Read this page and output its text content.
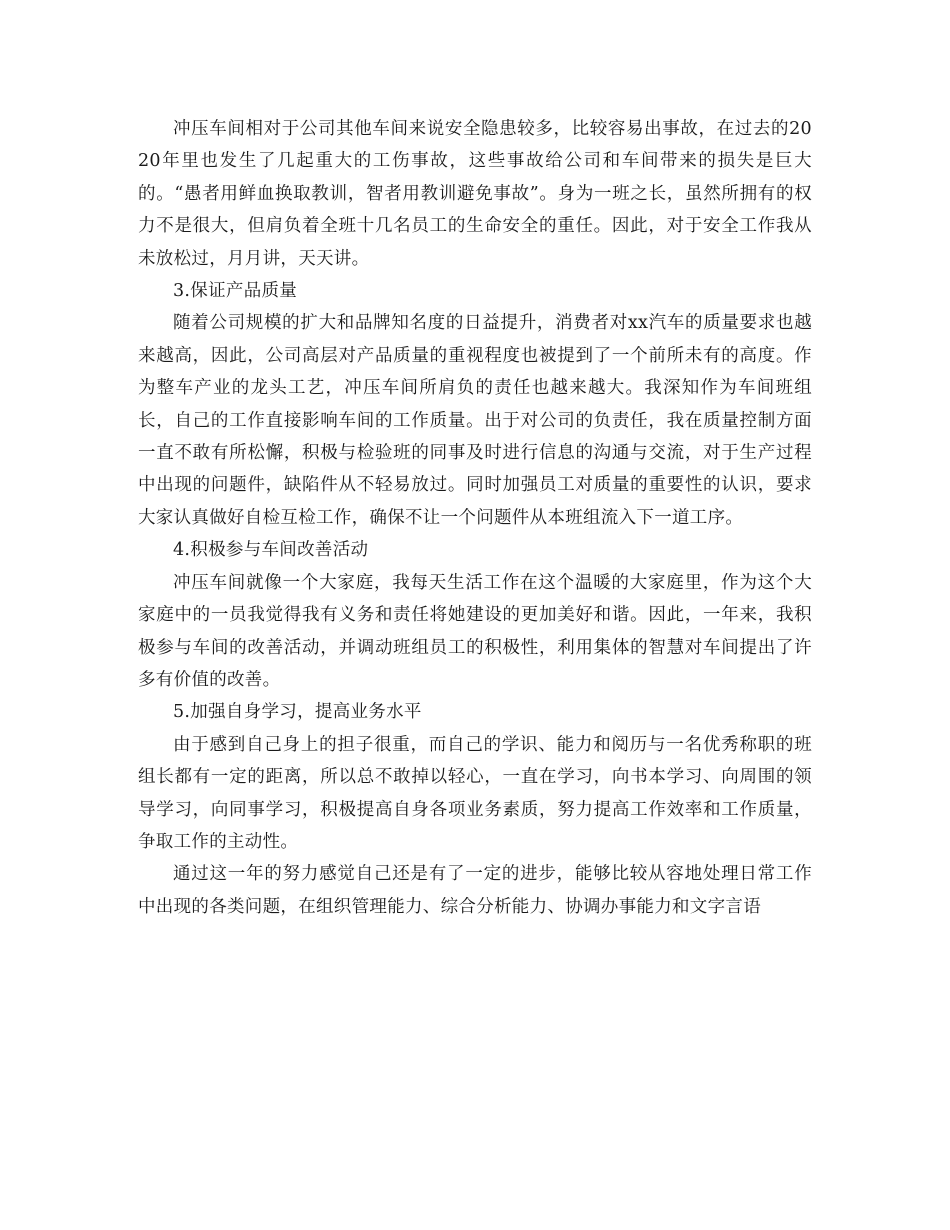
冲压车间相对于公司其他车间来说安全隐患较多，比较容易出事故，在过去的2020年里也发生了几起重大的工伤事故，这些事故给公司和车间带来的损失是巨大的。“愚者用鲜血换取教训，智者用教训避免事故”。身为一班之长，虽然所拥有的权力不是很大，但肩负着全班十几名员工的生命安全的重任。因此，对于安全工作我从未放松过，月月讲，天天讲。

3.保证产品质量

随着公司规模的扩大和品牌知名度的日益提升，消费者对xx汽车的质量要求也越来越高，因此，公司高层对产品质量的重视程度也被提到了一个前所未有的高度。作为整车产业的龙头工艺，冲压车间所肩负的责任也越来越大。我深知作为车间班组长，自己的工作直接影响车间的工作质量。出于对公司的负责任，我在质量控制方面一直不敢有所松懈，积极与检验班的同事及时进行信息的沟通与交流，对于生产过程中出现的问题件，缺陷件从不轻易放过。同时加强员工对质量的重要性的认识，要求大家认真做好自检互检工作，确保不让一个问题件从本班组流入下一道工序。

4.积极参与车间改善活动

冲压车间就像一个大家庭，我每天生活工作在这个温暖的大家庭里，作为这个大家庭中的一员我觉得我有义务和责任将她建设的更加美好和谐。因此，一年来，我积极参与车间的改善活动，并调动班组员工的积极性，利用集体的智慧对车间提出了许多有价值的改善。

5.加强自身学习，提高业务水平

由于感到自己身上的担子很重，而自己的学识、能力和阅历与一名优秀称职的班组长都有一定的距离，所以总不敢掉以轻心，一直在学习，向书本学习、向周围的领导学习，向同事学习，积极提高自身各项业务素质，努力提高工作效率和工作质量，争取工作的主动性。

通过这一年的努力感觉自己还是有了一定的进步，能够比较从容地处理日常工作中出现的各类问题，在组织管理能力、综合分析能力、协调办事能力和文字言语
